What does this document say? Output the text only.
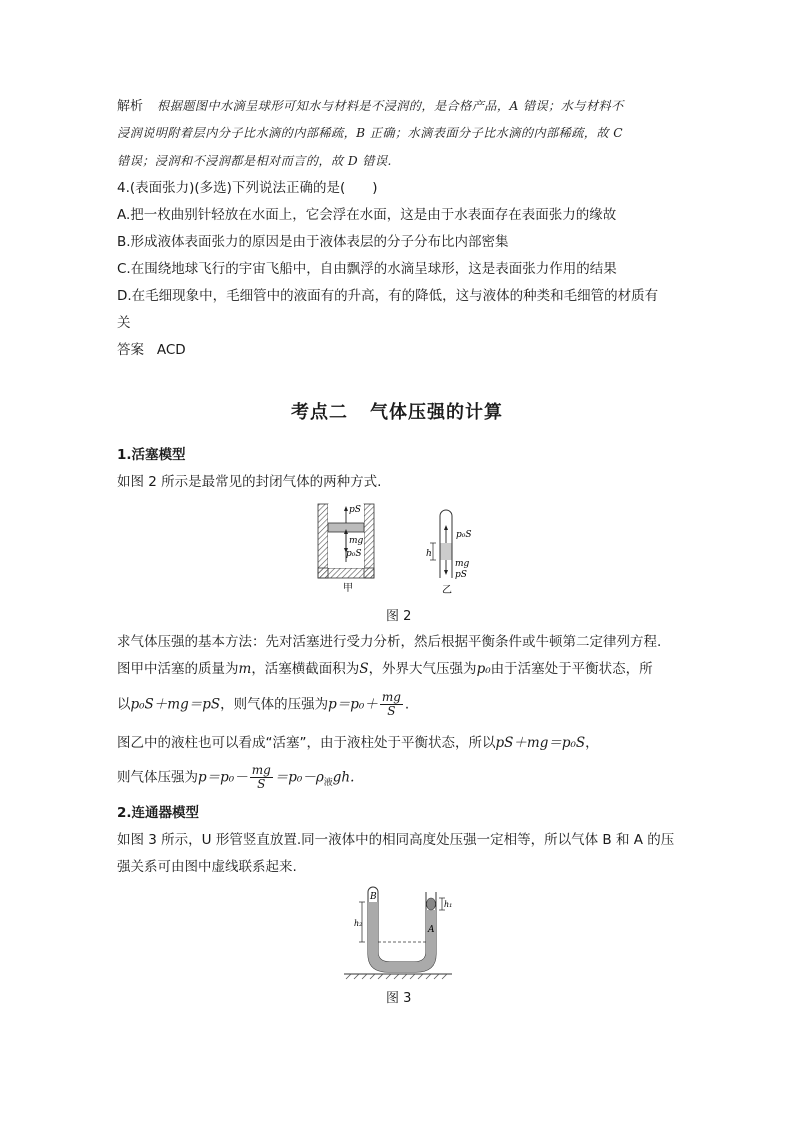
解析 根据题图中水滴呈球形可知水与材料是不浸润的，是合格产品，A 错误；水与材料不
浸润说明附着层内分子比水滴的内部稀疏，B 正确；水滴表面分子比水滴的内部稀疏，故 C
错误；浸润和不浸润都是相对而言的，故 D 错误.
4.(表面张力)(多选)下列说法正确的是(　　)
A.把一枚曲别针轻放在水面上，它会浮在水面，这是由于水表面存在表面张力的缘故
B.形成液体表面张力的原因是由于液体表层的分子分布比内部密集
C.在围绕地球飞行的宇宙飞船中，自由飘浮的水滴呈球形，这是表面张力作用的结果
D.在毛细现象中，毛细管中的液面有的升高，有的降低，这与液体的种类和毛细管的材质有
关
答案 ACD
考点二 气体压强的计算
1.活塞模型
如图 2 所示是最常见的封闭气体的两种方式.
pS
mg
p₀S
甲
h
p₀S
mg
pS
乙
图 2
求气体压强的基本方法：先对活塞进行受力分析，然后根据平衡条件或牛顿第二定律列方程.
图甲中活塞的质量为m，活塞横截面积为S，外界大气压强为p₀由于活塞处于平衡状态，所
以p₀S＋mg＝pS，则气体的压强为$p=p_0+ \frac{mg}{S}$ .
图乙中的液柱也可以看成“活塞”，由于液柱处于平衡状态，所以pS＋mg＝p₀S，
则气体压强为$p=p_0- \frac{mg}{S} =p_0-\rho_液gh$.
2.连通器模型
如图 3 所示，U 形管竖直放置.同一液体中的相同高度处压强一定相等，所以气体 B 和 A 的压
强关系可由图中虚线联系起来.
B
A
h₂
h₁
图 3
